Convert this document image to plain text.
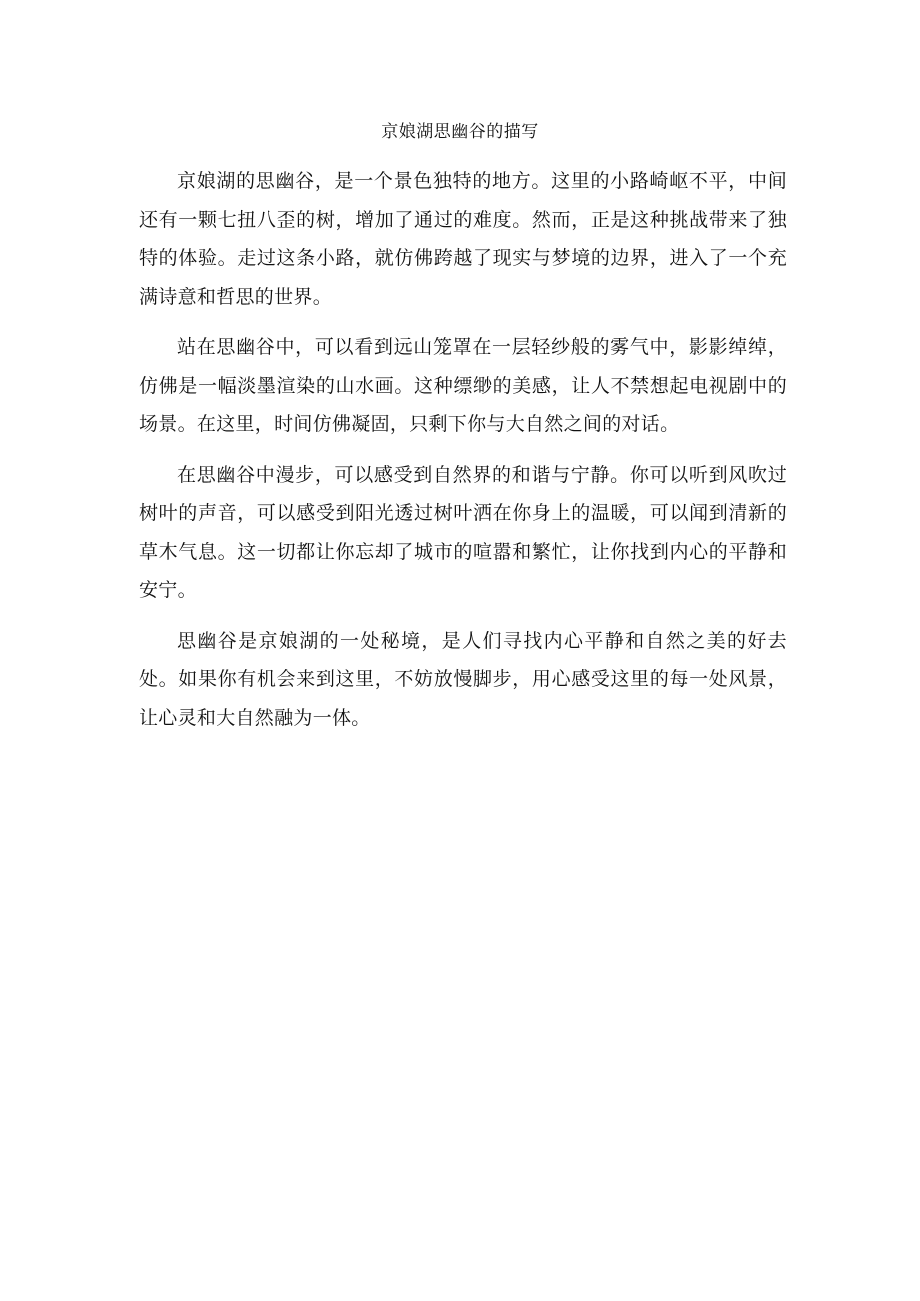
京娘湖思幽谷的描写

京娘湖的思幽谷，是一个景色独特的地方。这里的小路崎岖不平，中间还有一颗七扭八歪的树，增加了通过的难度。然而，正是这种挑战带来了独特的体验。走过这条小路，就仿佛跨越了现实与梦境的边界，进入了一个充满诗意和哲思的世界。

站在思幽谷中，可以看到远山笼罩在一层轻纱般的雾气中，影影绰绰，仿佛是一幅淡墨渲染的山水画。这种缥缈的美感，让人不禁想起电视剧中的场景。在这里，时间仿佛凝固，只剩下你与大自然之间的对话。

在思幽谷中漫步，可以感受到自然界的和谐与宁静。你可以听到风吹过树叶的声音，可以感受到阳光透过树叶洒在你身上的温暖，可以闻到清新的草木气息。这一切都让你忘却了城市的喧嚣和繁忙，让你找到内心的平静和安宁。

思幽谷是京娘湖的一处秘境，是人们寻找内心平静和自然之美的好去处。如果你有机会来到这里，不妨放慢脚步，用心感受这里的每一处风景，让心灵和大自然融为一体。
